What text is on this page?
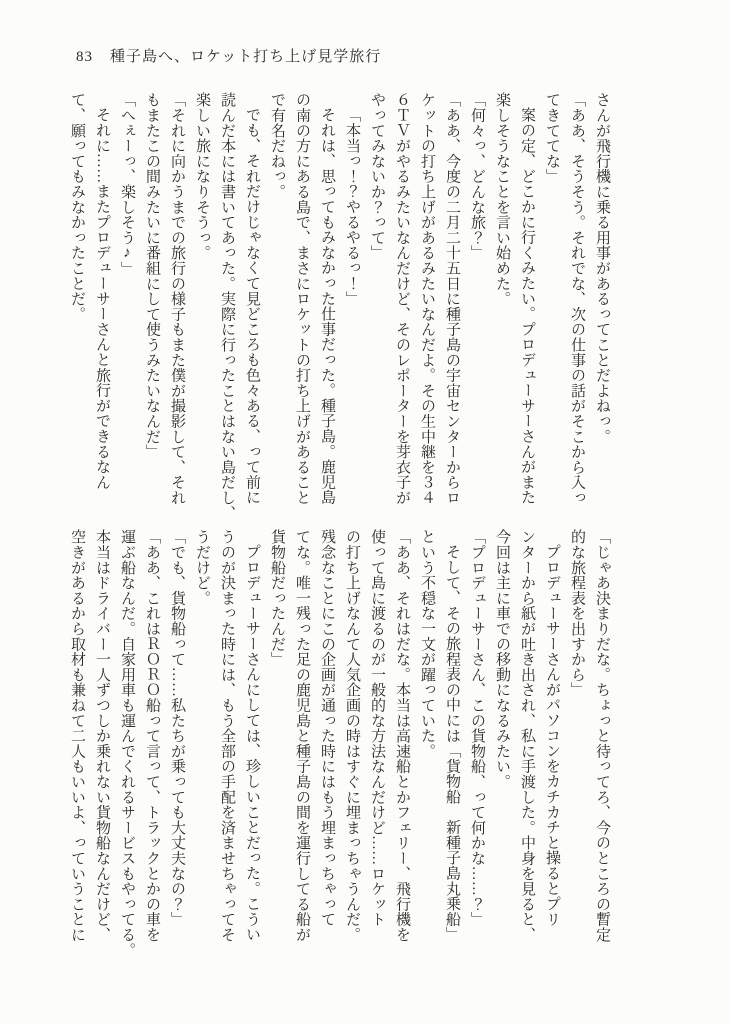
83 種子島へ、ロケット打ち上げ見学旅行

さんが飛行機に乗る用事があるってことだよねっ。

「ああ、そうそう。それでな、次の仕事の話がそこから入っ

てきててな」

案の定、どこかに行くみたい。プロデューサーさんがまた

楽しそうなことを言い始めた。

「何々っ、どんな旅？」

「ああ、今度の二月二十五日に種子島の宇宙センターからロ

ケットの打ち上げがあるみたいなんだよ。その生中継を３４

６ＴＶがやるみたいなんだけど、そのレポーターを芽衣子が

やってみないか？って」

「本当っ！？やるやるっ！」

それは、思ってもみなかった仕事だった。種子島。鹿児島

の南の方にある島で、まさにロケットの打ち上げがあること

で有名だねっ。

でも、それだけじゃなくて見どころも色々ある、って前に

読んだ本には書いてあった。実際に行ったことはない島だし、

楽しい旅になりそうっ。

「それに向かうまでの旅行の様子もまた僕が撮影して、それ

もまたこの間みたいに番組にして使うみたいなんだ」

「へぇーっ、楽しそう♪」

それに……またプロデューサーさんと旅行ができるなん

て、願ってもみなかったことだ。

「じゃあ決まりだな。ちょっと待ってろ、今のところの暫定

的な旅程表を出すから」

プロデューサーさんがパソコンをカチカチと操るとプリ

ンターから紙が吐き出され、私に手渡した。中身を見ると、

今回は主に車での移動になるみたい。

「プロデューサーさん、この貨物船、って何かな……？」

そして、その旅程表の中には「貨物船　新種子島丸乗船」

という不穏な一文が躍っていた。

「ああ、それはだな。本当は高速船とかフェリー、飛行機を

使って島に渡るのが一般的な方法なんだけど……ロケット

の打ち上げなんて人気企画の時はすぐに埋まっちゃうんだ。

残念なことにこの企画が通った時にはもう埋まっちゃって

てな。唯一残った足の鹿児島と種子島の間を運行してる船が

貨物船だったんだ」

プロデューサーさんにしては、珍しいことだった。こうい

うのが決まった時には、もう全部の手配を済ませちゃってそ

うだけど。

「でも、貨物船って……私たちが乗っても大丈夫なの？」

「ああ、これはＲＯＲＯ船って言って、トラックとかの車を

運ぶ船なんだ。自家用車も運んでくれるサービスもやってる。

本当はドライバー一人ずつしか乗れない貨物船なんだけど、

空きがあるから取材も兼ねて二人もいいよ、っていうことに
